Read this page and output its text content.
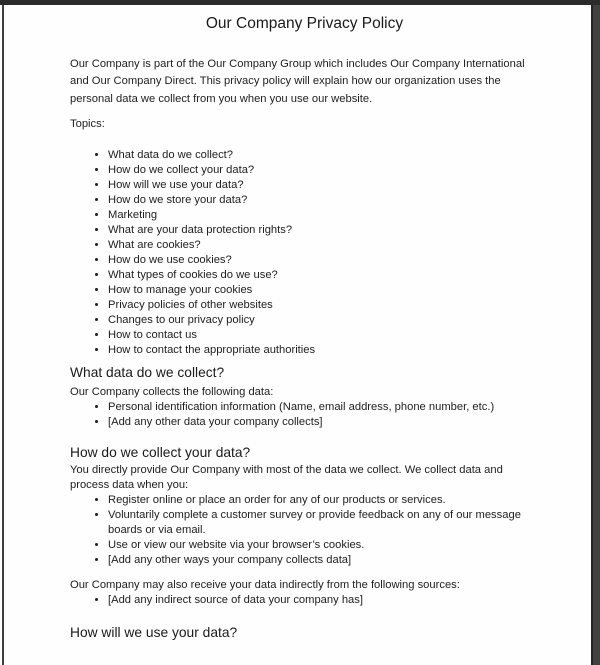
Our Company Privacy Policy

Our Company is part of the Our Company Group which includes Our Company International and Our Company Direct. This privacy policy will explain how our organization uses the personal data we collect from you when you use our website.

Topics:

• What data do we collect?
• How do we collect your data?
• How will we use your data?
• How do we store your data?
• Marketing
• What are your data protection rights?
• What are cookies?
• How do we use cookies?
• What types of cookies do we use?
• How to manage your cookies
• Privacy policies of other websites
• Changes to our privacy policy
• How to contact us
• How to contact the appropriate authorities
What data do we collect?

Our Company collects the following data:

• Personal identification information (Name, email address, phone number, etc.)
• [Add any other data your company collects]
How do we collect your data?

You directly provide Our Company with most of the data we collect. We collect data and process data when you:

• Register online or place an order for any of our products or services.
• Voluntarily complete a customer survey or provide feedback on any of our message boards or via email.
• Use or view our website via your browser’s cookies.
• [Add any other ways your company collects data]

Our Company may also receive your data indirectly from the following sources:

• [Add any indirect source of data your company has]
How will we use your data?
